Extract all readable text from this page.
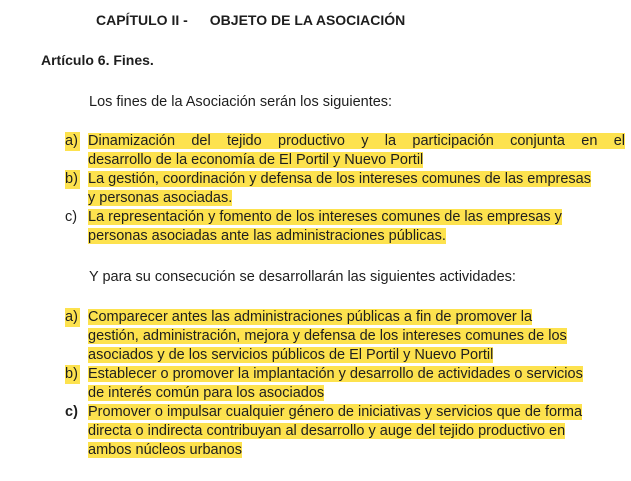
CAPÍTULO II - OBJETO DE LA ASOCIACIÓN
Artículo 6. Fines.
Los fines de la Asociación serán los siguientes:
a) Dinamización del tejido productivo y la participación conjunta en el
desarrollo de la economía de El Portil y Nuevo Portil
b) La gestión, coordinación y defensa de los intereses comunes de las empresas
y personas asociadas.
c) La representación y fomento de los intereses comunes de las empresas y
personas asociadas ante las administraciones públicas.
Y para su consecución se desarrollarán las siguientes actividades:
a) Comparecer antes las administraciones públicas a fin de promover la
gestión, administración, mejora y defensa de los intereses comunes de los
asociados y de los servicios públicos de El Portil y Nuevo Portil
b) Establecer o promover la implantación y desarrollo de actividades o servicios
de interés común para los asociados
c) Promover o impulsar cualquier género de iniciativas y servicios que de forma
directa o indirecta contribuyan al desarrollo y auge del tejido productivo en
ambos núcleos urbanos
